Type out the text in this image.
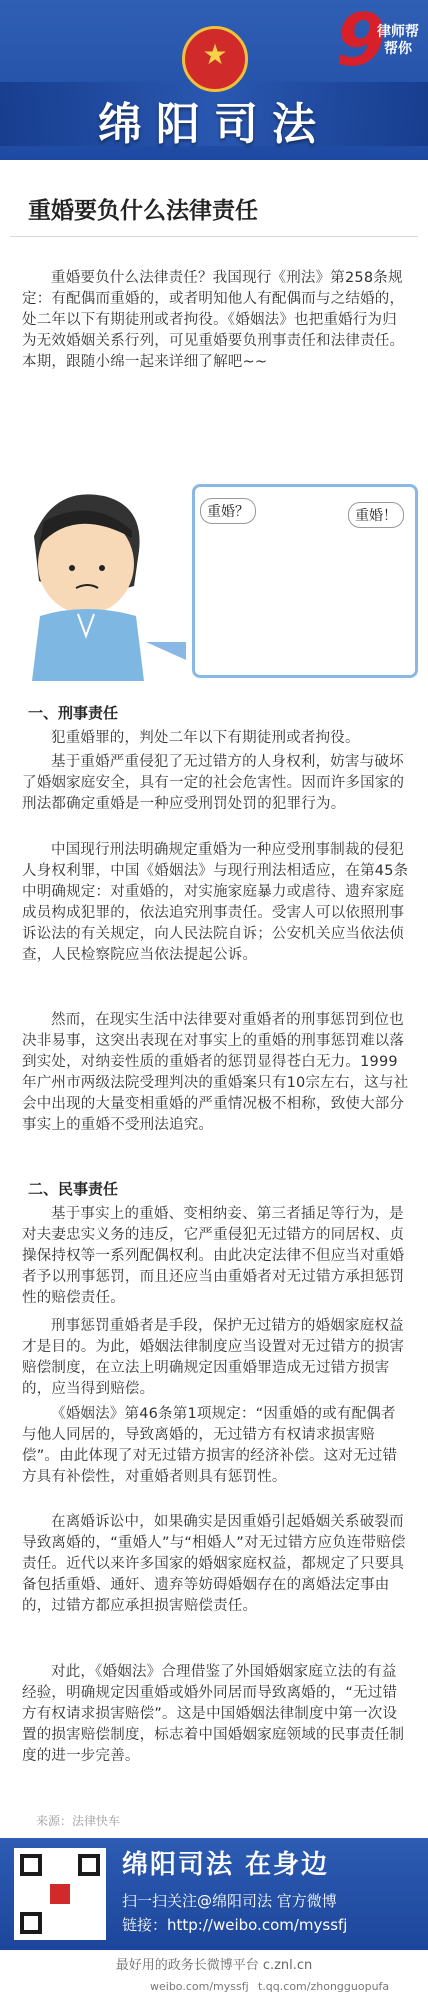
★
绵阳司法
9
律师帮帮你
重婚要负什么法律责任

重婚要负什么法律责任？我国现行《刑法》第258条规定：有配偶而重婚的，或者明知他人有配偶而与之结婚的，处二年以下有期徒刑或者拘役。《婚姻法》也把重婚行为归为无效婚姻关系行列，可见重婚要负刑事责任和法律责任。本期，跟随小绵一起来详细了解吧~~

重婚？	重婚！
一、刑事责任

犯重婚罪的，判处二年以下有期徒刑或者拘役。

基于重婚严重侵犯了无过错方的人身权利，妨害与破坏了婚姻家庭安全，具有一定的社会危害性。因而许多国家的刑法都确定重婚是一种应受刑罚处罚的犯罪行为。

中国现行刑法明确规定重婚为一种应受刑事制裁的侵犯人身权利罪，中国《婚姻法》与现行刑法相适应，在第45条中明确规定：对重婚的，对实施家庭暴力或虐待、遗弃家庭成员构成犯罪的，依法追究刑事责任。受害人可以依照刑事诉讼法的有关规定，向人民法院自诉；公安机关应当依法侦查，人民检察院应当依法提起公诉。

然而，在现实生活中法律要对重婚者的刑事惩罚到位也决非易事，这突出表现在对事实上的重婚的刑事惩罚难以落到实处，对纳妾性质的重婚者的惩罚显得苍白无力。1999年广州市两级法院受理判决的重婚案只有10宗左右，这与社会中出现的大量变相重婚的严重情况极不相称，致使大部分事实上的重婚不受刑法追究。

二、民事责任

基于事实上的重婚、变相纳妾、第三者插足等行为，是对夫妻忠实义务的违反，它严重侵犯无过错方的同居权、贞操保持权等一系列配偶权利。由此决定法律不但应当对重婚者予以刑事惩罚，而且还应当由重婚者对无过错方承担惩罚性的赔偿责任。

刑事惩罚重婚者是手段，保护无过错方的婚姻家庭权益才是目的。为此，婚姻法律制度应当设置对无过错方的损害赔偿制度，在立法上明确规定因重婚罪造成无过错方损害的，应当得到赔偿。

《婚姻法》第46条第1项规定：“因重婚的或有配偶者与他人同居的，导致离婚的，无过错方有权请求损害赔偿”。由此体现了对无过错方损害的经济补偿。这对无过错方具有补偿性，对重婚者则具有惩罚性。

在离婚诉讼中，如果确实是因重婚引起婚姻关系破裂而导致离婚的，“重婚人”与“相婚人”对无过错方应负连带赔偿责任。近代以来许多国家的婚姻家庭权益，都规定了只要具备包括重婚、通奸、遗弃等妨碍婚姻存在的离婚法定事由的，过错方都应承担损害赔偿责任。

对此，《婚姻法》合理借鉴了外国婚姻家庭立法的有益经验，明确规定因重婚或婚外同居而导致离婚的，“无过错方有权请求损害赔偿”。这是中国婚姻法律制度中第一次设置的损害赔偿制度，标志着中国婚姻家庭领域的民事责任制度的进一步完善。

来源：法律快车
绵阳司法 在身边
扫一扫关注@绵阳司法 官方微博
链接：http://weibo.com/myssfj
最好用的政务长微博平台 c.znl.cn
weibo.com/myssfj t.qq.com/zhongguopufa
